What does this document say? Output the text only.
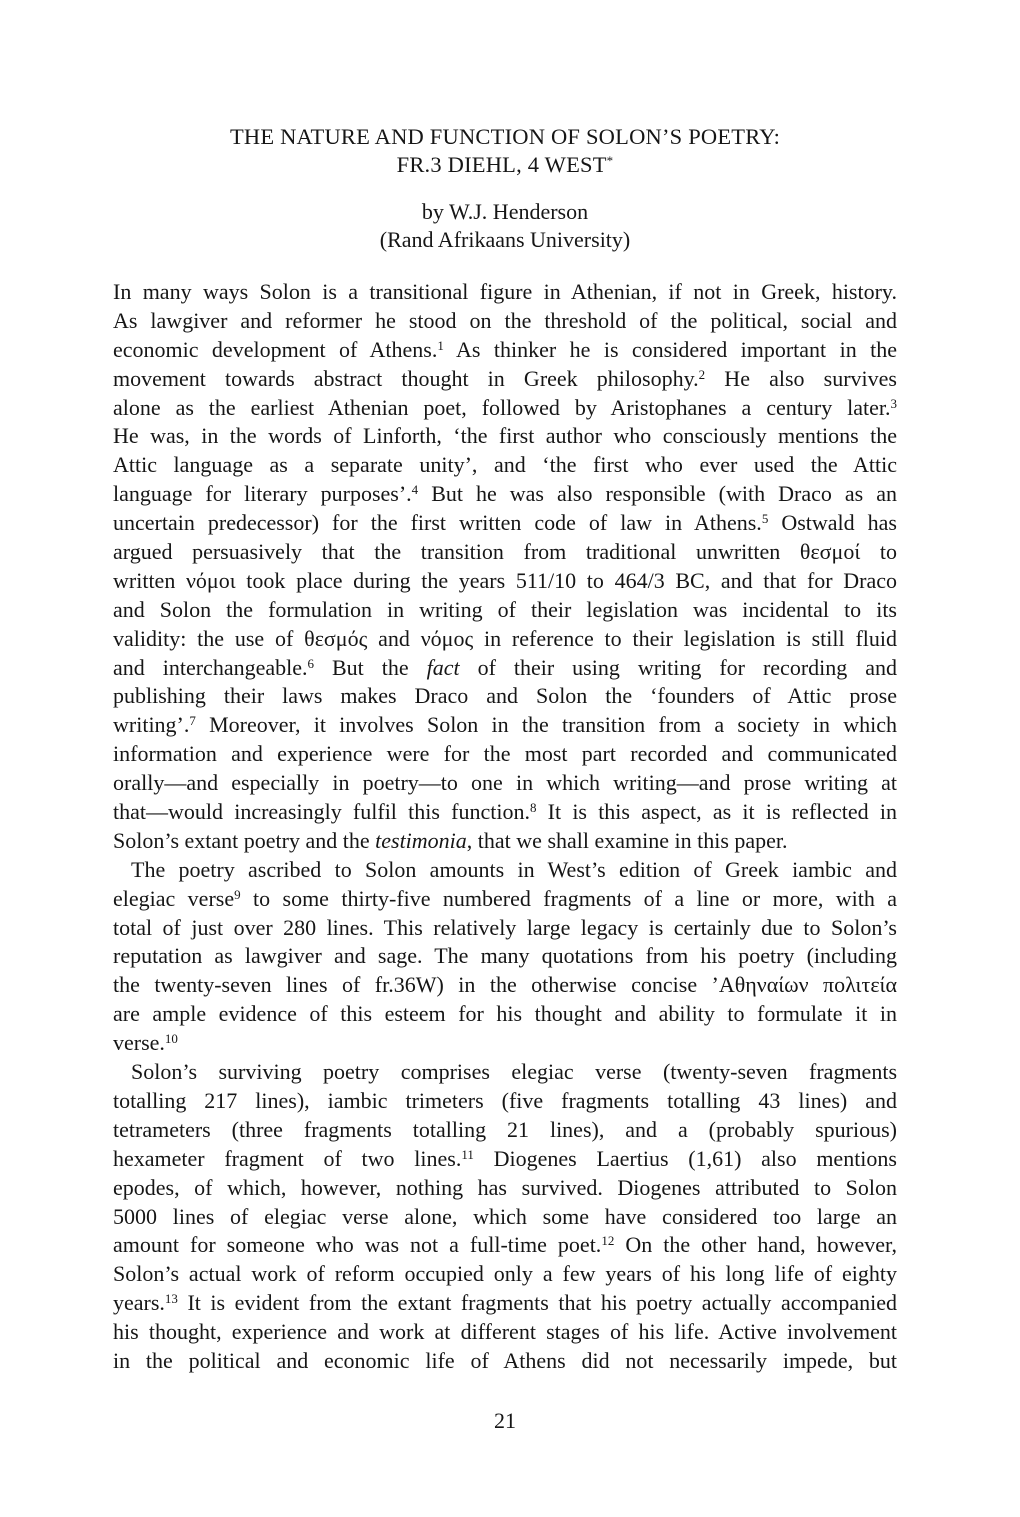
THE NATURE AND FUNCTION OF SOLON’S POETRY:
FR.3 DIEHL, 4 WEST*
by W.J. Henderson
(Rand Afrikaans University)
In many ways Solon is a transitional figure in Athenian, if not in Greek, history.
As lawgiver and reformer he stood on the threshold of the political, social and
economic development of Athens.$^1$ As thinker he is considered important in the
movement towards abstract thought in Greek philosophy.$^2$ He also survives
alone as the earliest Athenian poet, followed by Aristophanes a century later.$^3$
He was, in the words of Linforth, ‘the first author who consciously mentions the
Attic language as a separate unity’, and ‘the first who ever used the Attic
language for literary purposes’.$^4$ But he was also responsible (with Draco as an
uncertain predecessor) for the first written code of law in Athens.$^5$ Ostwald has
argued persuasively that the transition from traditional unwritten θεσμοί to
written νόμοι took place during the years 511/10 to 464/3 BC, and that for Draco
and Solon the formulation in writing of their legislation was incidental to its
validity: the use of θεσμός and νόμος in reference to their legislation is still fluid
and interchangeable.$^6$ But the fact of their using writing for recording and
publishing their laws makes Draco and Solon the ‘founders of Attic prose
writing’.$^7$ Moreover, it involves Solon in the transition from a society in which
information and experience were for the most part recorded and communicated
orally—and especially in poetry—to one in which writing—and prose writing at
that—would increasingly fulfil this function.$^8$ It is this aspect, as it is reflected in
Solon’s extant poetry and the testimonia, that we shall examine in this paper.
The poetry ascribed to Solon amounts in West’s edition of Greek iambic and
elegiac verse$^9$ to some thirty-five numbered fragments of a line or more, with a
total of just over 280 lines. This relatively large legacy is certainly due to Solon’s
reputation as lawgiver and sage. The many quotations from his poetry (including
the twenty-seven lines of fr.36W) in the otherwise concise ’Αθηναίων πολιτεία
are ample evidence of this esteem for his thought and ability to formulate it in
verse.$^{10}$
Solon’s surviving poetry comprises elegiac verse (twenty-seven fragments
totalling 217 lines), iambic trimeters (five fragments totalling 43 lines) and
tetrameters (three fragments totalling 21 lines), and a (probably spurious)
hexameter fragment of two lines.$^{11}$ Diogenes Laertius (1,61) also mentions
epodes, of which, however, nothing has survived. Diogenes attributed to Solon
5000 lines of elegiac verse alone, which some have considered too large an
amount for someone who was not a full-time poet.$^{12}$ On the other hand, however,
Solon’s actual work of reform occupied only a few years of his long life of eighty
years.$^{13}$ It is evident from the extant fragments that his poetry actually accompanied
his thought, experience and work at different stages of his life. Active involvement
in the political and economic life of Athens did not necessarily impede, but
21
